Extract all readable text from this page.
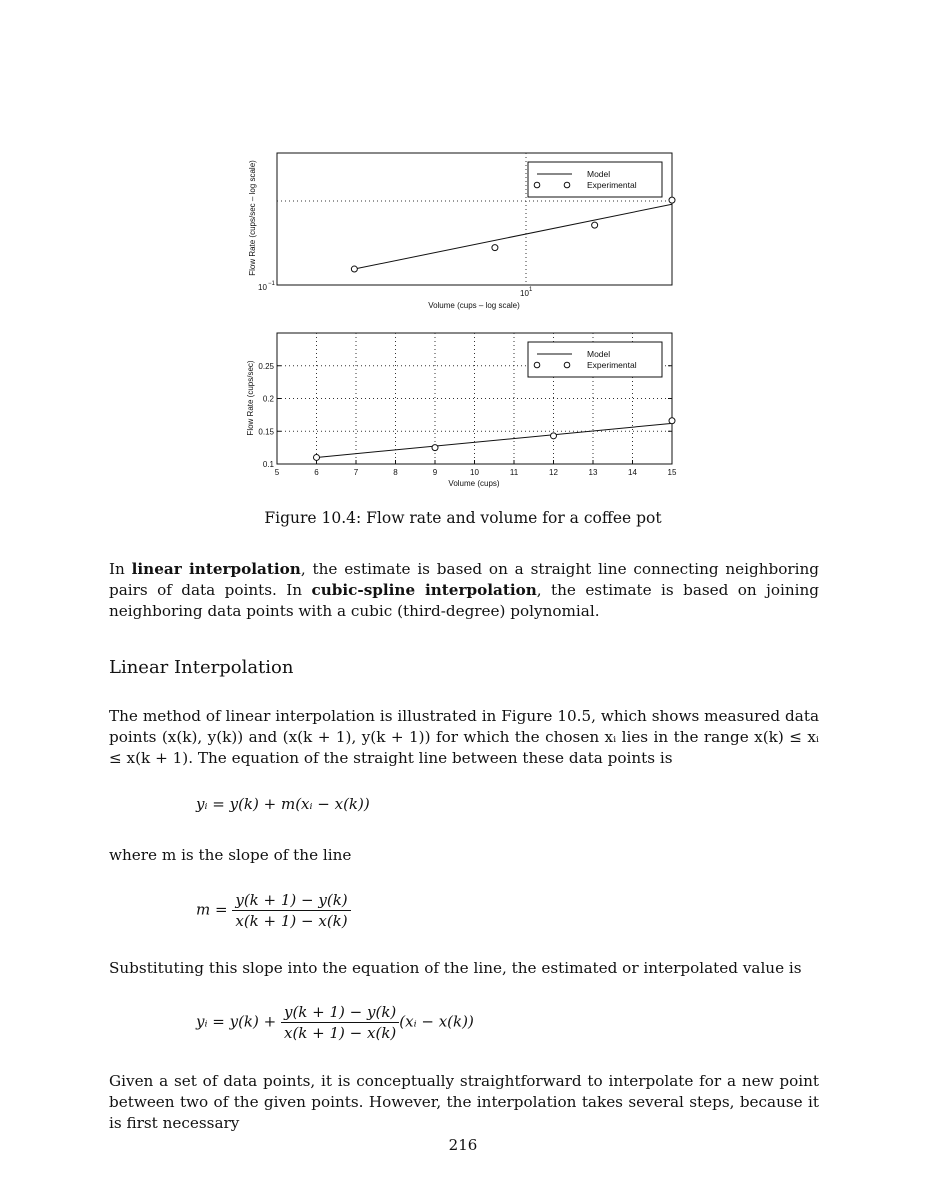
Model
Experimental
10 −1
10 1
Volume (cups – log scale)
Flow Rate (cups/sec – log scale)
5	6	7	8	9	10	11	12	13	14	15
0.1
0.15
0.2
0.25
Model
Experimental
Volume (cups)
Flow Rate (cups/sec)
Figure 10.4: Flow rate and volume for a coffee pot
In linear interpolation, the estimate is based on a straight line connecting neighboring pairs of data points. In cubic-spline interpolation, the estimate is based on joining neighboring data points with a cubic (third-degree) polynomial.
Linear Interpolation
The method of linear interpolation is illustrated in Figure 10.5, which shows measured data points (x(k), y(k)) and (x(k + 1), y(k + 1)) for which the chosen xᵢ lies in the range x(k) ≤ xᵢ ≤ x(k + 1). The equation of the straight line between these data points is
yᵢ = y(k) + m(xᵢ − x(k))
where m is the slope of the line
$m = \frac{y(k + 1) - y(k)}{x(k + 1) - x(k)}$
Substituting this slope into the equation of the line, the estimated or interpolated value is
yᵢ = $y(k) + \frac{y(k + 1) - y(k)}{x(k + 1) - x(k)}$ (xᵢ − x(k))
Given a set of data points, it is conceptually straightforward to interpolate for a new point between two of the given points. However, the interpolation takes several steps, because it is first necessary
216
